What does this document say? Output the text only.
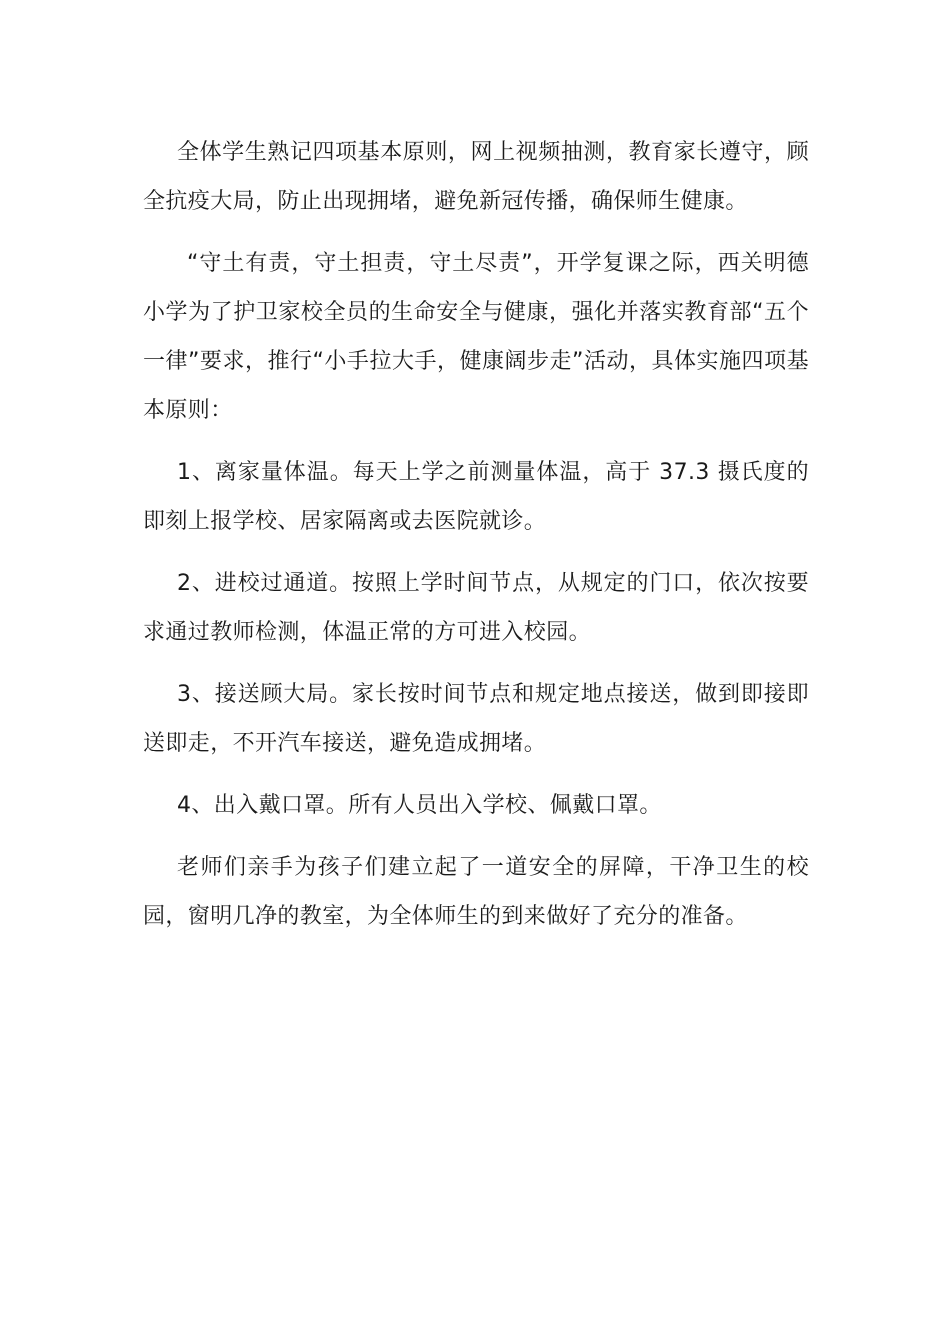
全体学生熟记四项基本原则，网上视频抽测，教育家长遵守，顾全抗疫大局，防止出现拥堵，避免新冠传播，确保师生健康。

“守土有责，守土担责，守土尽责”，开学复课之际，西关明德小学为了护卫家校全员的生命安全与健康，强化并落实教育部“五个一律”要求，推行“小手拉大手，健康阔步走”活动，具体实施四项基本原则：

1、离家量体温。每天上学之前测量体温，高于 37.3 摄氏度的即刻上报学校、居家隔离或去医院就诊。

2、进校过通道。按照上学时间节点，从规定的门口，依次按要求通过教师检测，体温正常的方可进入校园。

3、接送顾大局。家长按时间节点和规定地点接送，做到即接即送即走，不开汽车接送，避免造成拥堵。

4、出入戴口罩。所有人员出入学校、佩戴口罩。

老师们亲手为孩子们建立起了一道安全的屏障，干净卫生的校园，窗明几净的教室，为全体师生的到来做好了充分的准备。
